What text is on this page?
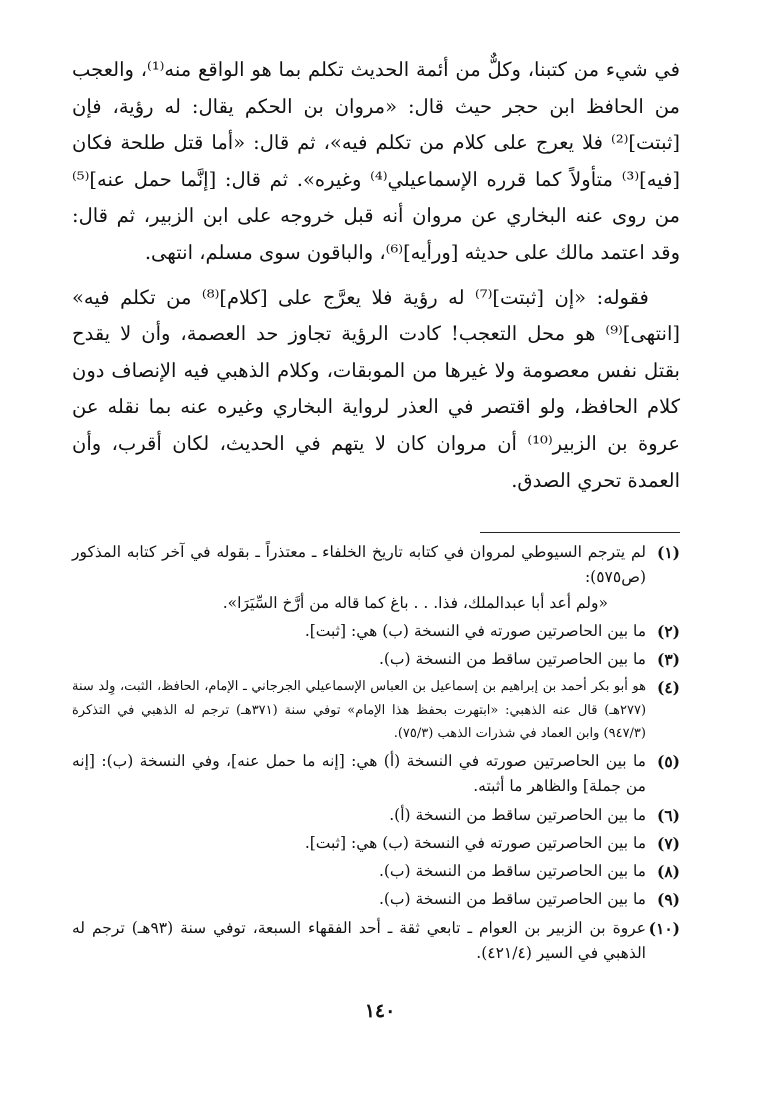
في شيء من كتبنا، وكلٌّ من أئمة الحديث تكلم بما هو الواقع منه⁽¹⁾، والعجب من الحافظ ابن حجر حيث قال: «مروان بن الحكم يقال: له رؤية، فإن [ثبتت]⁽²⁾ فلا يعرج على كلام من تكلم فيه»، ثم قال: «أما قتل طلحة فكان [فيه]⁽³⁾ متأولاً كما قرره الإسماعيلي⁽⁴⁾ وغيره». ثم قال: [إنَّما حمل عنه]⁽⁵⁾ من روى عنه البخاري عن مروان أنه قبل خروجه على ابن الزبير، ثم قال: وقد اعتمد مالك على حديثه [ورأيه]⁽⁶⁾، والباقون سوى مسلم، انتهى.

فقوله: «إن [ثبتت]⁽⁷⁾ له رؤية فلا يعرَّج على [كلام]⁽⁸⁾ من تكلم فيه» [انتهى]⁽⁹⁾ هو محل التعجب! كادت الرؤية تجاوز حد العصمة، وأن لا يقدح بقتل نفس معصومة ولا غيرها من الموبقات، وكلام الذهبي فيه الإنصاف دون كلام الحافظ، ولو اقتصر في العذر لرواية البخاري وغيره عنه بما نقله عن عروة بن الزبير⁽¹⁰⁾ أن مروان كان لا يتهم في الحديث، لكان أقرب، وأن العمدة تحري الصدق.

(١)
لم يترجم السيوطي لمروان في كتابه تاريخ الخلفاء ـ معتذراً ـ بقوله في آخر كتابه المذكور (ص٥٧٥):
«ولم أعد أبا عبدالملك، فذا. . . باغ كما قاله من أرَّخ السِّيَرَا».
(٢)
ما بين الحاصرتين صورته في النسخة (ب) هي: [ثبت].
(٣)
ما بين الحاصرتين ساقط من النسخة (ب).
(٤)
هو أبو بكر أحمد بن إبراهيم بن إسماعيل بن العباس الإسماعيلي الجرجاني ـ الإمام، الحافظ، الثبت، وِلد سنة (٢٧٧هـ) قال عنه الذهبي: «ابتهرت بحفظ هذا الإمام» توفي سنة (٣٧١هـ) ترجم له الذهبي في التذكرة (٩٤٧/٣) وابن العماد في شذرات الذهب (٧٥/٣).
(٥)
ما بين الحاصرتين صورته في النسخة (أ) هي: [إنه ما حمل عنه]، وفي النسخة (ب): [إنه من جملة] والظاهر ما أثبته.
(٦)
ما بين الحاصرتين ساقط من النسخة (أ).
(٧)
ما بين الحاصرتين صورته في النسخة (ب) هي: [ثبت].
(٨)
ما بين الحاصرتين ساقط من النسخة (ب).
(٩)
ما بين الحاصرتين ساقط من النسخة (ب).
(١٠)
عروة بن الزبير بن العوام ـ تابعي ثقة ـ أحد الفقهاء السبعة، توفي سنة (٩٣هـ) ترجم له الذهبي في السير (٤٢١/٤).
١٤٠
